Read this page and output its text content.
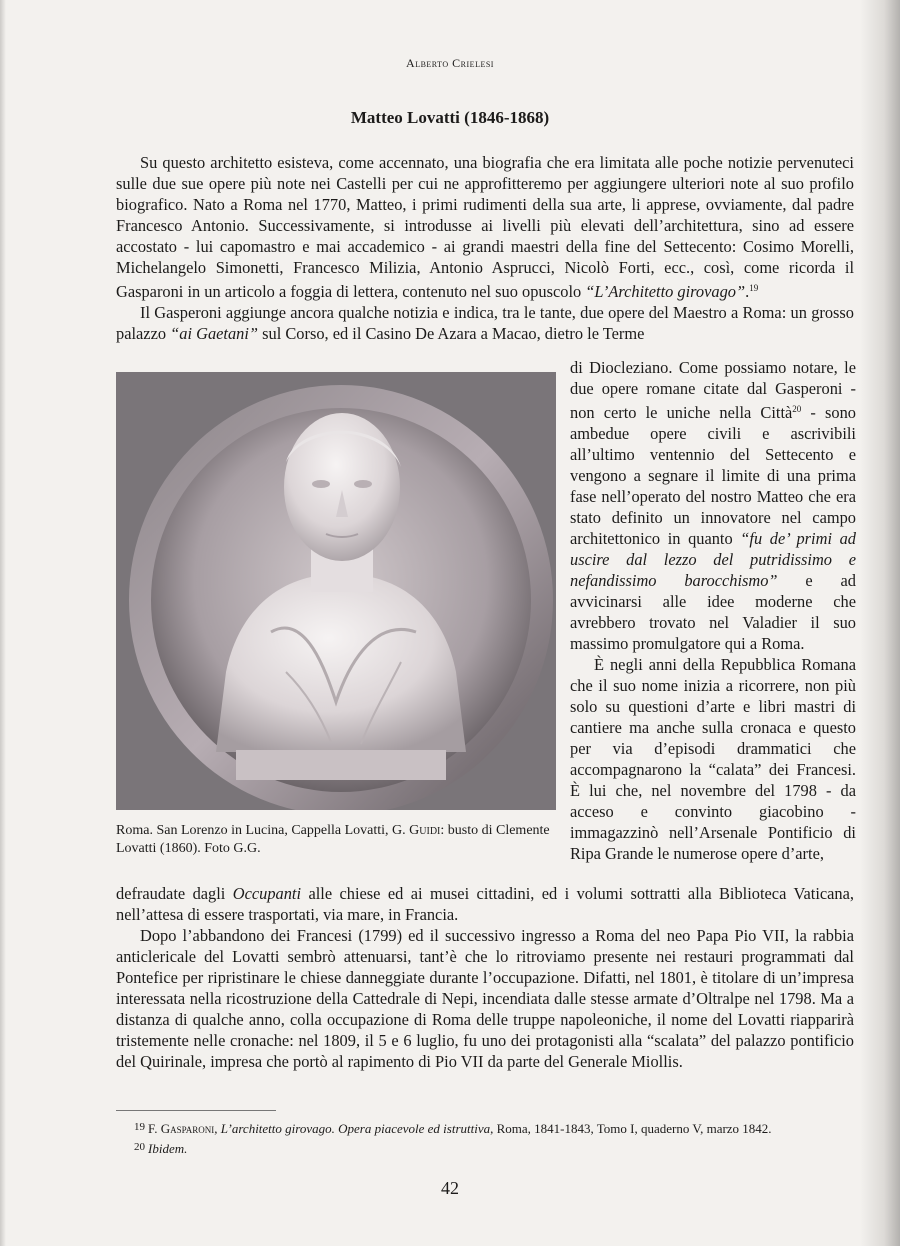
Alberto Crielesi
Matteo Lovatti (1846-1868)

Su questo architetto esisteva, come accennato, una biografia che era limitata alle poche notizie pervenuteci sulle due sue opere più note nei Castelli per cui ne approfitteremo per aggiungere ulteriori note al suo profilo biografico. Nato a Roma nel 1770, Matteo, i primi rudimenti della sua arte, li apprese, ovviamente, dal padre Francesco Antonio. Successivamente, si introdusse ai livelli più elevati dell’architettura, sino ad essere accostato - lui capomastro e mai accademico - ai grandi maestri della fine del Settecento: Cosimo Morelli, Michelangelo Simonetti, Francesco Milizia, Antonio Asprucci, Nicolò Forti, ecc., così, come ricorda il Gasparoni in un articolo a foggia di lettera, contenuto nel suo opuscolo “L’Architetto girovago”.$^{19}$

Il Gasperoni aggiunge ancora qualche notizia e indica, tra le tante, due opere del Maestro a Roma: un grosso palazzo “ai Gaetani” sul Corso, ed il Casino De Azara a Macao, dietro le Terme

Roma. San Lorenzo in Lucina, Cappella Lovatti, G. Guidi: busto di Clemente Lovatti (1860). Foto G.G.

di Diocleziano. Come possiamo notare, le due opere romane citate dal Gasperoni - non certo le uniche nella Città$^{20}$ - sono ambedue opere civili e ascrivibili all’ultimo ventennio del Settecento e vengono a segnare il limite di una prima fase nell’operato del nostro Matteo che era stato definito un innovatore nel campo architettonico in quanto “fu de’ primi ad uscire dal lezzo del putridissimo e nefandissimo barocchismo” e ad avvicinarsi alle idee moderne che avrebbero trovato nel Valadier il suo massimo promulgatore qui a Roma.

È negli anni della Repubblica Romana che il suo nome inizia a ricorrere, non più solo su questioni d’arte e libri mastri di cantiere ma anche sulla cronaca e questo per via d’episodi drammatici che accompagnarono la “calata” dei Francesi. È lui che, nel novembre del 1798 - da acceso e convinto giacobino - immagazzinò nell’Arsenale Pontificio di Ripa Grande le numerose opere d’arte,

defraudate dagli Occupanti alle chiese ed ai musei cittadini, ed i volumi sottratti alla Biblioteca Vaticana, nell’attesa di essere trasportati, via mare, in Francia.

Dopo l’abbandono dei Francesi (1799) ed il successivo ingresso a Roma del neo Papa Pio VII, la rabbia anticlericale del Lovatti sembrò attenuarsi, tant’è che lo ritroviamo presente nei restauri programmati dal Pontefice per ripristinare le chiese danneggiate durante l’occupazione. Difatti, nel 1801, è titolare di un’impresa interessata nella ricostruzione della Cattedrale di Nepi, incendiata dalle stesse armate d’Oltralpe nel 1798. Ma a distanza di qualche anno, colla occupazione di Roma delle truppe napoleoniche, il nome del Lovatti riapparirà tristemente nelle cronache: nel 1809, il 5 e 6 luglio, fu uno dei protagonisti alla “scalata” del palazzo pontificio del Quirinale, impresa che portò al rapimento di Pio VII da parte del Generale Miollis.

$^{19}$ F. Gasparoni, L’architetto girovago. Opera piacevole ed istruttiva, Roma, 1841-1843, Tomo I, quaderno V, marzo 1842.

$^{20}$ Ibidem.

42
